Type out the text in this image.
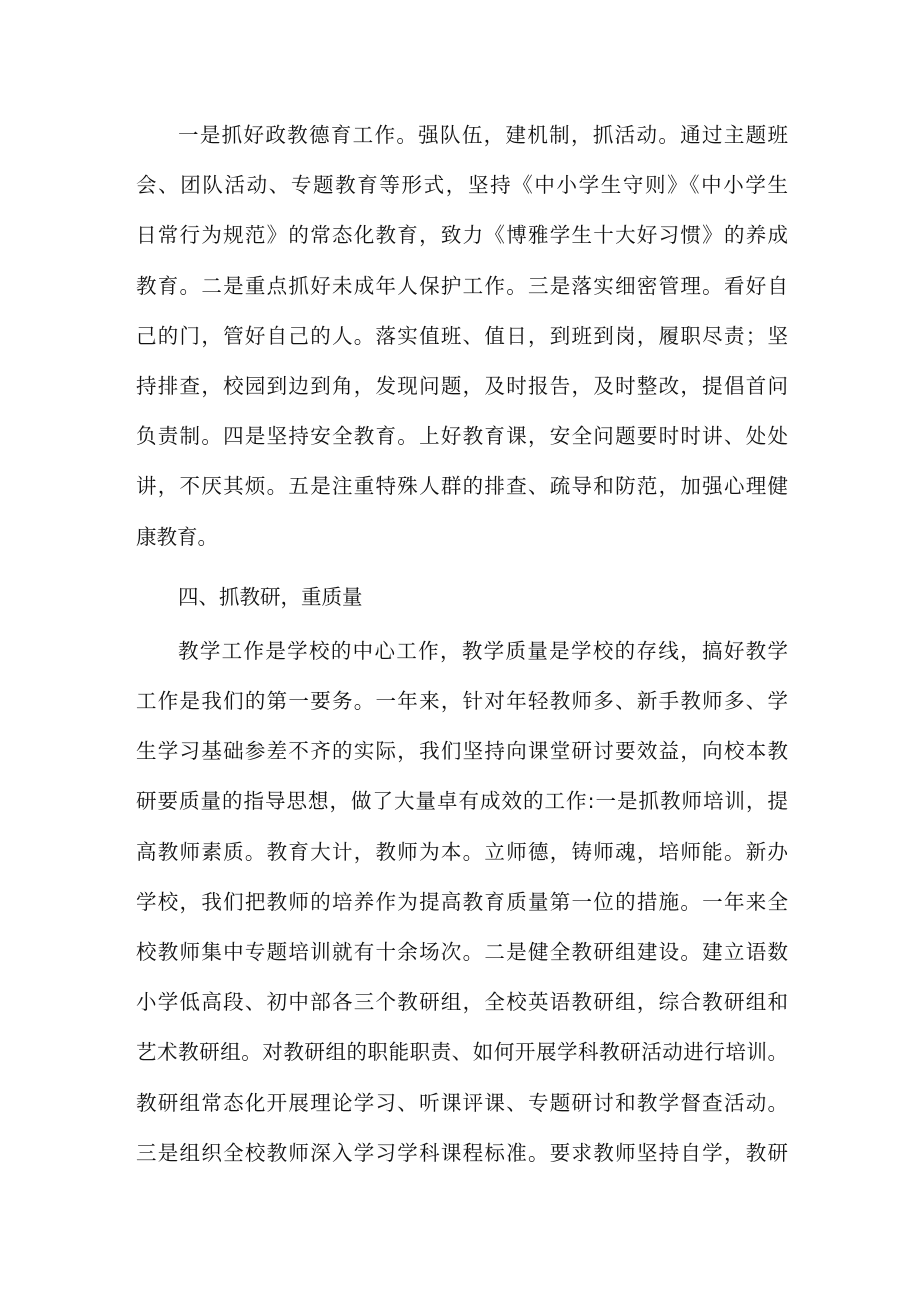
一是抓好政教德育工作。强队伍，建机制，抓活动。通过主题班
会、团队活动、专题教育等形式，坚持《中小学生守则》《中小学生
日常行为规范》的常态化教育，致力《博雅学生十大好习惯》的养成
教育。二是重点抓好未成年人保护工作。三是落实细密管理。看好自
己的门，管好自己的人。落实值班、值日，到班到岗，履职尽责；坚
持排查，校园到边到角，发现问题，及时报告，及时整改，提倡首问
负责制。四是坚持安全教育。上好教育课，安全问题要时时讲、处处
讲，不厌其烦。五是注重特殊人群的排查、疏导和防范，加强心理健
康教育。
四、抓教研，重质量
教学工作是学校的中心工作，教学质量是学校的存线，搞好教学
工作是我们的第一要务。一年来，针对年轻教师多、新手教师多、学
生学习基础参差不齐的实际，我们坚持向课堂研讨要效益，向校本教
研要质量的指导思想，做了大量卓有成效的工作:一是抓教师培训，提
高教师素质。教育大计，教师为本。立师德，铸师魂，培师能。新办
学校，我们把教师的培养作为提高教育质量第一位的措施。一年来全
校教师集中专题培训就有十余场次。二是健全教研组建设。建立语数
小学低高段、初中部各三个教研组，全校英语教研组，综合教研组和
艺术教研组。对教研组的职能职责、如何开展学科教研活动进行培训。
教研组常态化开展理论学习、听课评课、专题研讨和教学督查活动。
三是组织全校教师深入学习学科课程标准。要求教师坚持自学，教研
